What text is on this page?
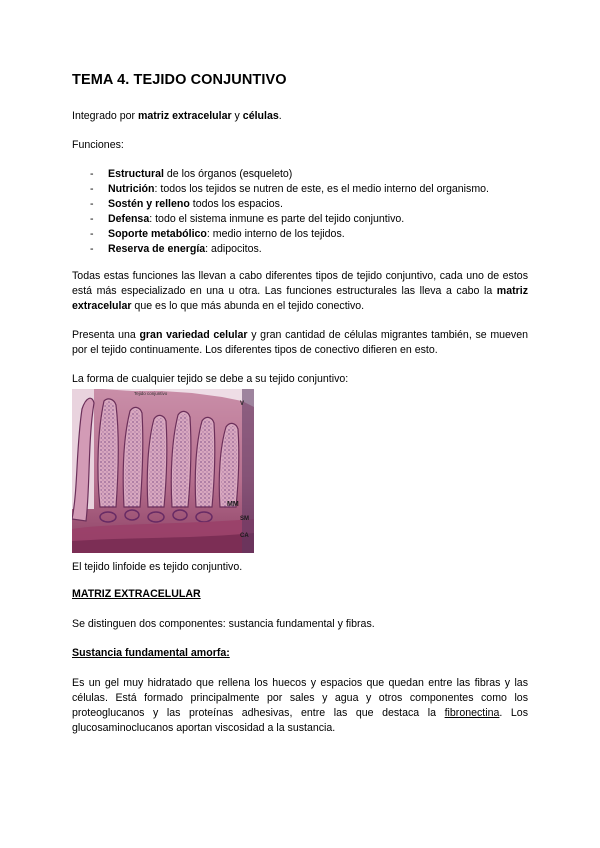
TEMA 4. TEJIDO CONJUNTIVO
Integrado por matriz extracelular y células.
Funciones:
- Estructural de los órganos (esqueleto)
- Nutrición: todos los tejidos se nutren de este, es el medio interno del organismo.
- Sostén y relleno todos los espacios.
- Defensa: todo el sistema inmune es parte del tejido conjuntivo.
- Soporte metabólico: medio interno de los tejidos.
- Reserva de energía: adipocitos.
Todas estas funciones las llevan a cabo diferentes tipos de tejido conjuntivo, cada uno de estos está más especializado en una u otra. Las funciones estructurales las lleva a cabo la matriz extracelular que es lo que más abunda en el tejido conectivo.
Presenta una gran variedad celular y gran cantidad de células migrantes también, se mueven por el tejido continuamente. Los diferentes tipos de conectivo difieren en esto.
La forma de cualquier tejido se debe a su tejido conjuntivo:
Tejido conjuntivo
V
MM
SM
CA
El tejido linfoide es tejido conjuntivo.
MATRIZ EXTRACELULAR
Se distinguen dos componentes: sustancia fundamental y fibras.
Sustancia fundamental amorfa:
Es un gel muy hidratado que rellena los huecos y espacios que quedan entre las fibras y las células. Está formado principalmente por sales y agua y otros componentes como los proteoglucanos y las proteínas adhesivas, entre las que destaca la fibronectina. Los glucosaminoclucanos aportan viscosidad a la sustancia.
